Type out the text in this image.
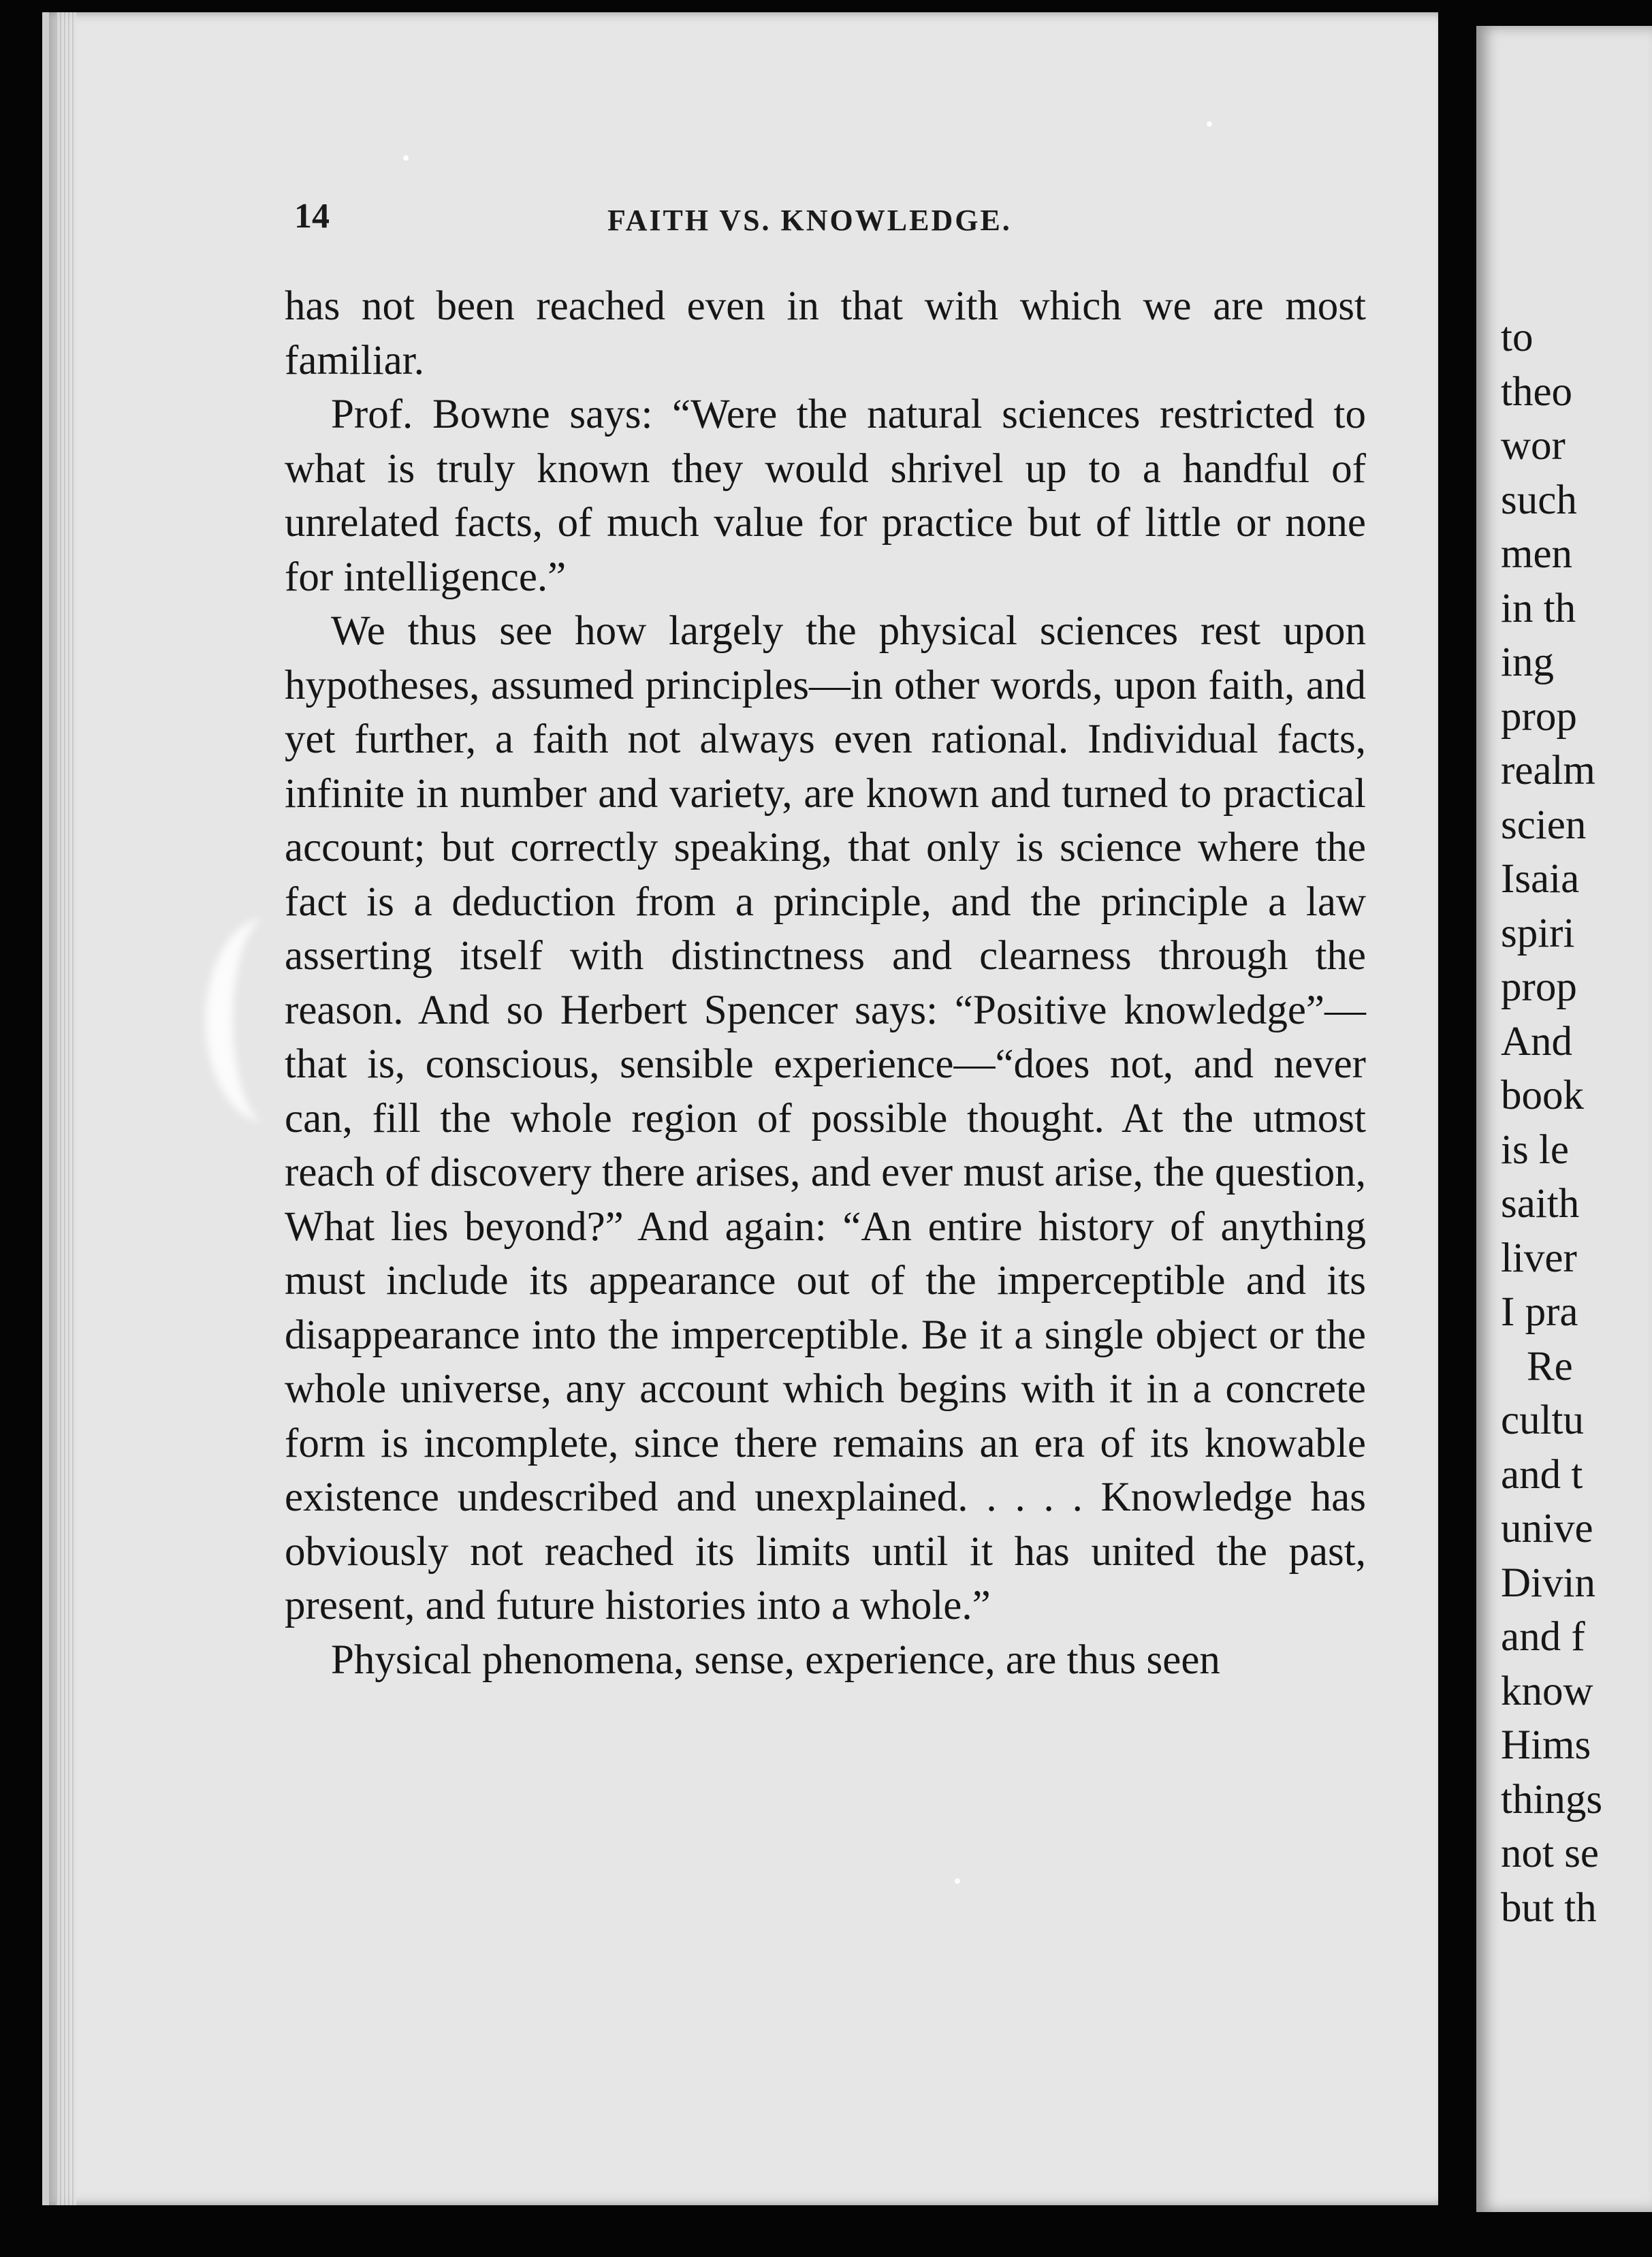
14	FAITH VS. KNOWLEDGE.

has not been reached even in that with which we are most familiar.

Prof. Bowne says: “Were the natural sciences restricted to what is truly known they would shrivel up to a handful of unrelated facts, of much value for practice but of little or none for intelligence.”

We thus see how largely the physical sciences rest upon hypotheses, assumed principles—in other words, upon faith, and yet further, a faith not always even rational. Individual facts, infinite in number and variety, are known and turned to practical account; but correctly speaking, that only is science where the fact is a deduction from a principle, and the principle a law asserting itself with distinctness and clearness through the reason. And so Herbert Spencer says: “Positive knowledge”—that is, conscious, sensible experience—“does not, and never can, fill the whole region of possible thought. At the utmost reach of discovery there arises, and ever must arise, the question, What lies beyond?” And again: “An entire history of anything must include its appearance out of the imperceptible and its disappearance into the imperceptible. Be it a single object or the whole universe, any account which begins with it in a concrete form is incomplete, since there remains an era of its knowable existence undescribed and unexplained. . . . . Knowledge has obviously not reached its limits until it has united the past, present, and future histories into a whole.”

Physical phenomena, sense, experience, are thus seen

to
theo
wor
such
men
in th
ing
prop
realm
scien
Isaia
spiri
prop
And
book
is le
saith
liver
I pra
Re
cultu
and t
unive
Divin
and f
know
Hims
things
not se
but th
